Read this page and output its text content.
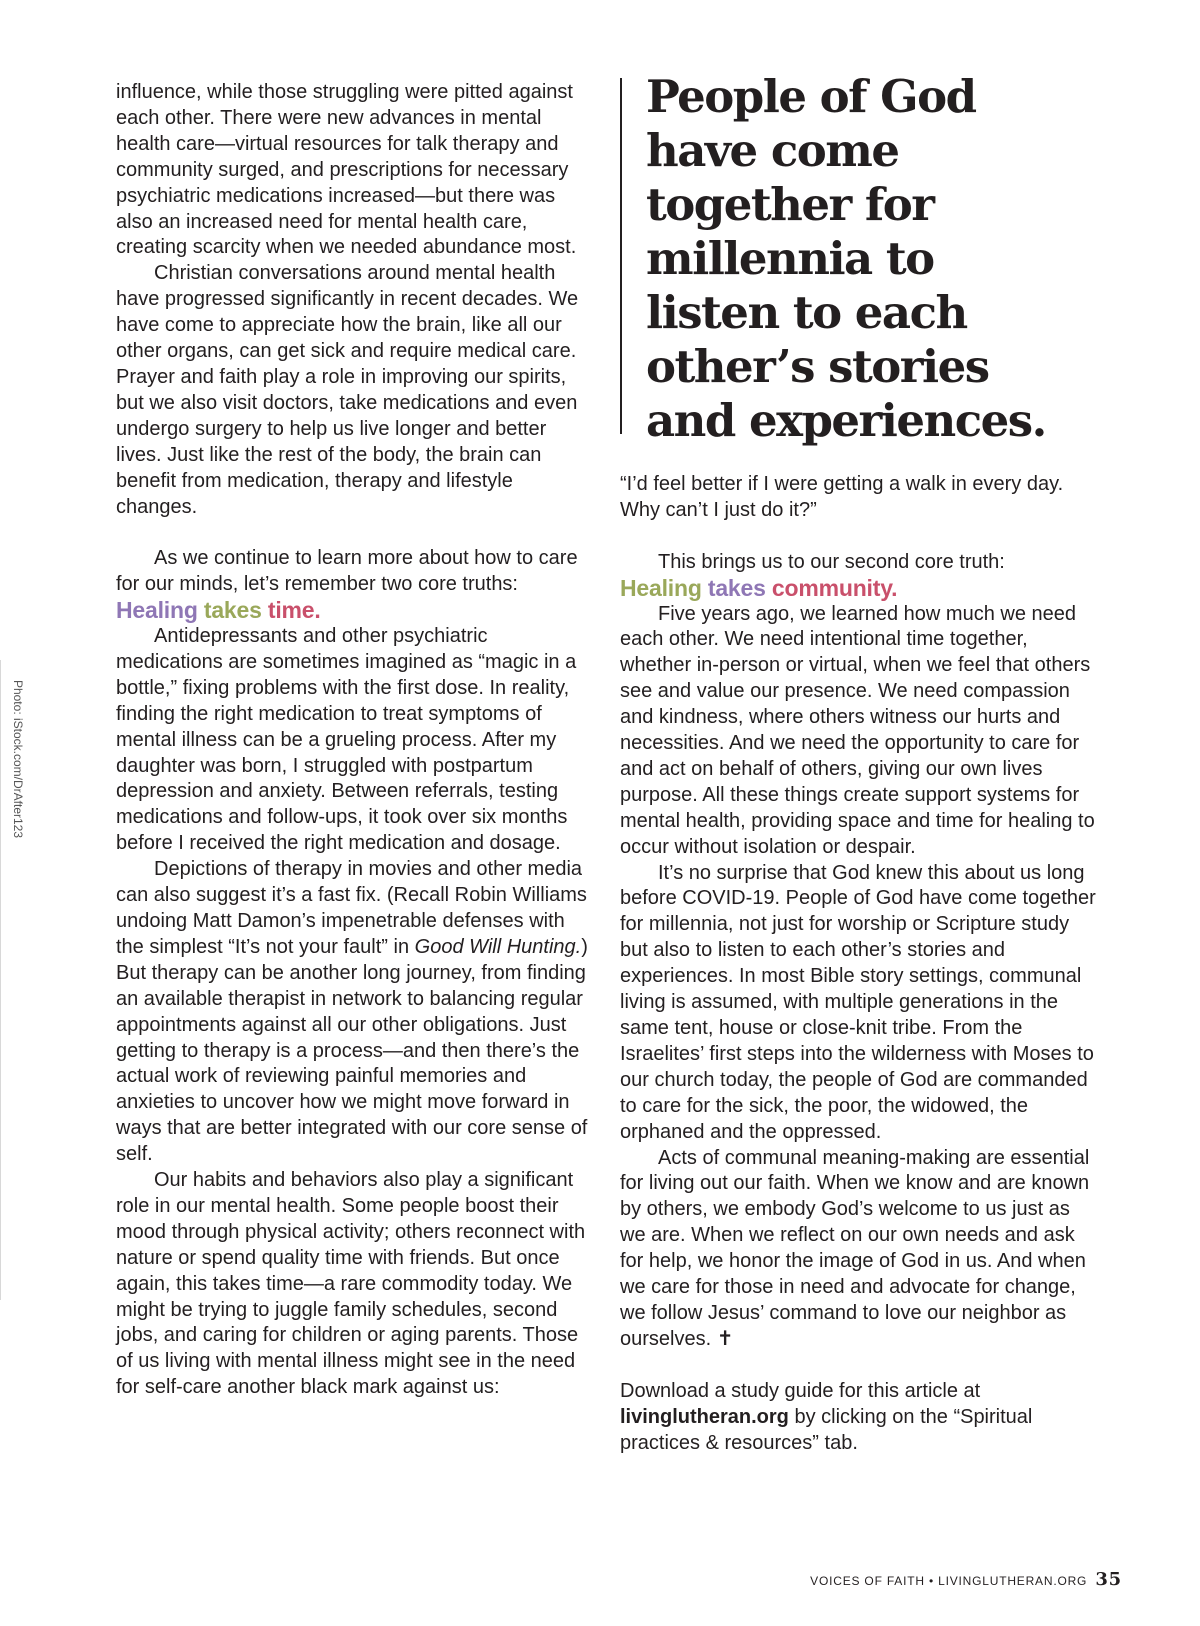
Photo: iStock.com/DrAfter123

influence, while those struggling were pitted against each other. There were new advances in mental health care—virtual resources for talk therapy and community surged, and prescriptions for necessary psychiatric medications increased—but there was also an increased need for mental health care, creating scarcity when we needed abundance most.

Christian conversations around mental health have progressed significantly in recent decades. We have come to appreciate how the brain, like all our other organs, can get sick and require medical care. Prayer and faith play a role in improving our spirits, but we also visit doctors, take medications and even undergo surgery to help us live longer and better lives. Just like the rest of the body, the brain can benefit from medication, therapy and lifestyle changes.

As we continue to learn more about how to care for our minds, let’s remember two core truths:

Healing takes time.

Antidepressants and other psychiatric medications are sometimes imagined as “magic in a bottle,” fixing problems with the first dose. In reality, finding the right medication to treat symptoms of mental illness can be a grueling process. After my daughter was born, I struggled with postpartum depression and anxiety. Between referrals, testing medications and follow-ups, it took over six months before I received the right medication and dosage.

Depictions of therapy in movies and other media can also suggest it’s a fast fix. (Recall Robin Williams undoing Matt Damon’s impenetrable defenses with the simplest “It’s not your fault” in Good Will Hunting.) But therapy can be another long journey, from finding an available therapist in network to balancing regular appointments against all our other obligations. Just getting to therapy is a process—and then there’s the actual work of reviewing painful memories and anxieties to uncover how we might move forward in ways that are better integrated with our core sense of self.

Our habits and behaviors also play a significant role in our mental health. Some people boost their mood through physical activity; others reconnect with nature or spend quality time with friends. But once again, this takes time—a rare commodity today. We might be trying to juggle family schedules, second jobs, and caring for children or aging parents. Those of us living with mental illness might see in the need for self-care another black mark against us:

People of God
have come
together for
millennia to
listen to each
other’s stories
and experiences.

“I’d feel better if I were getting a walk in every day. Why can’t I just do it?”

This brings us to our second core truth:

Healing takes community.

Five years ago, we learned how much we need each other. We need intentional time together, whether in-person or virtual, when we feel that others see and value our presence. We need compassion and kindness, where others witness our hurts and necessities. And we need the opportunity to care for and act on behalf of others, giving our own lives purpose. All these things create support systems for mental health, providing space and time for healing to occur without isolation or despair.

It’s no surprise that God knew this about us long before COVID-19. People of God have come together for millennia, not just for worship or Scripture study but also to listen to each other’s stories and experiences. In most Bible story settings, communal living is assumed, with multiple generations in the same tent, house or close-knit tribe. From the Israelites’ first steps into the wilderness with Moses to our church today, the people of God are commanded to care for the sick, the poor, the widowed, the orphaned and the oppressed.

Acts of communal meaning-making are essential for living out our faith. When we know and are known by others, we embody God’s welcome to us just as we are. When we reflect on our own needs and ask for help, we honor the image of God in us. And when we care for those in need and advocate for change, we follow Jesus’ command to love our neighbor as ourselves. ✝

Download a study guide for this article at livinglutheran.org by clicking on the “Spiritual practices & resources” tab.

VOICES OF FAITH • LIVINGLUTHERAN.ORG 35
